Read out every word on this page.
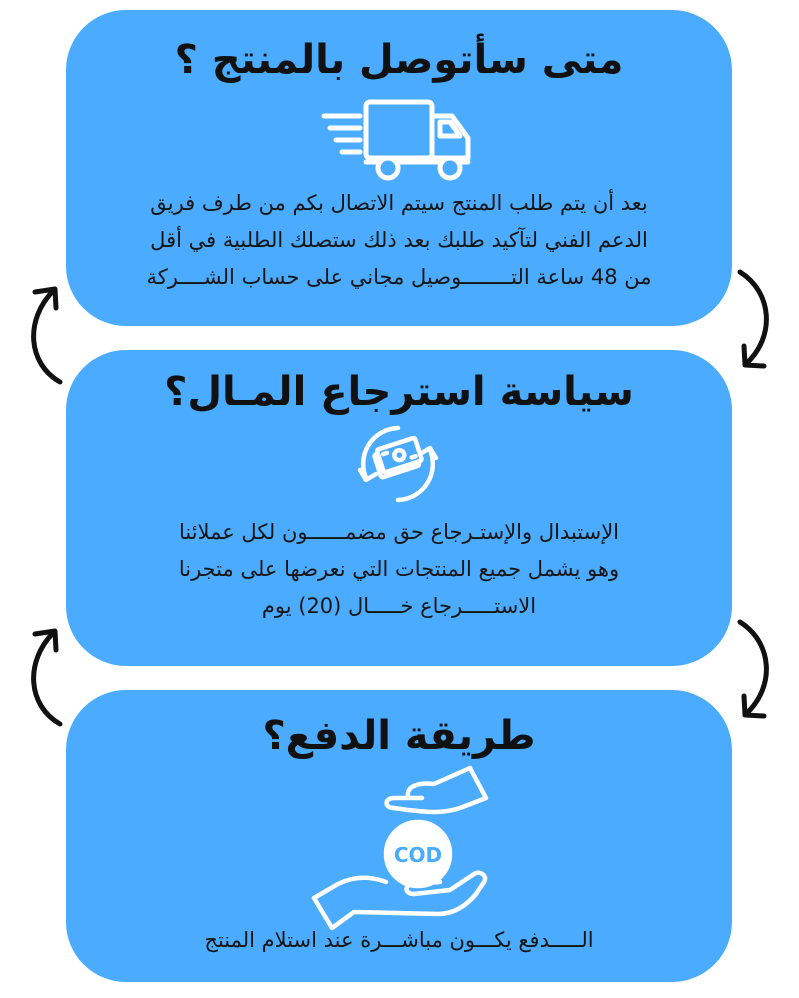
متى سأتوصل بالمنتج ؟
بعد أن يتم طلب المنتج سيتم الاتصال بكم من طرف فريق
الدعم الفني لتآكيد طلبك بعد ذلك ستصلك الطلبية في أقل
من 48 ساعة التــــــــوصيل مجاني على حساب الشــــركة
سياسة استرجاع المـال؟
الإستبدال والإستـرجاع حق مضمــــــون لكل عملائنا
وهو يشمل جميع المنتجات التي نعرضها على متجرنا
الاستـــــرجاع خـــــال (20) يوم
طريقة الدفع؟
COD
الـــــدفع يكـــون مباشـــرة عند استلام المنتج
